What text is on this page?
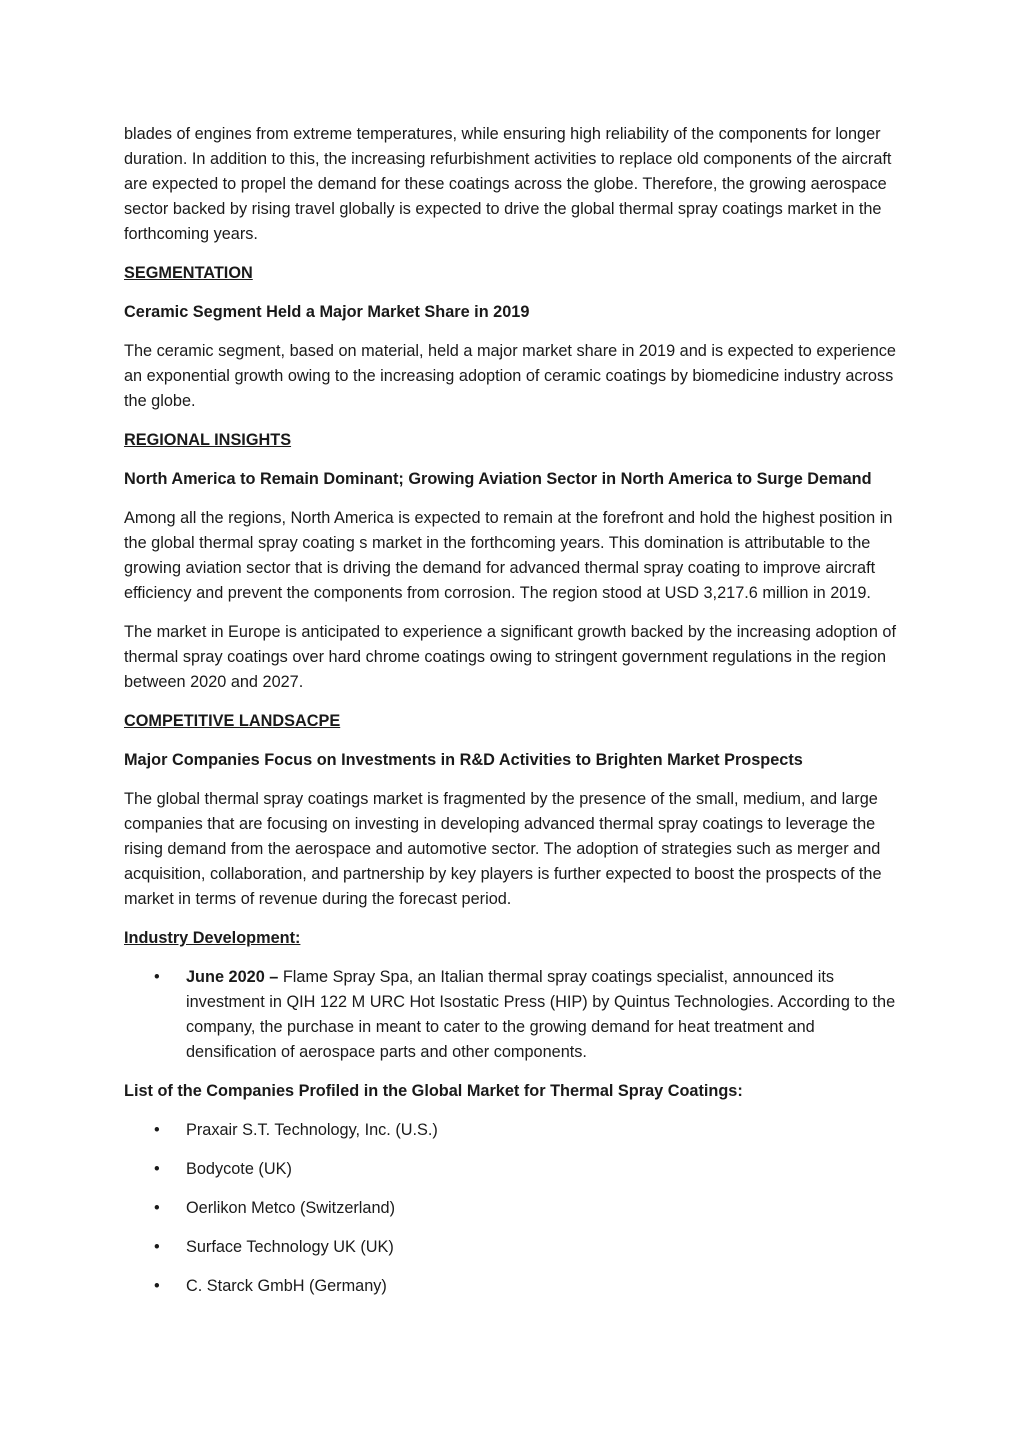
blades of engines from extreme temperatures, while ensuring high reliability of the components for longer duration. In addition to this, the increasing refurbishment activities to replace old components of the aircraft are expected to propel the demand for these coatings across the globe. Therefore, the growing aerospace sector backed by rising travel globally is expected to drive the global thermal spray coatings market in the forthcoming years.

SEGMENTATION
Ceramic Segment Held a Major Market Share in 2019

The ceramic segment, based on material, held a major market share in 2019 and is expected to experience an exponential growth owing to the increasing adoption of ceramic coatings by biomedicine industry across the globe.

REGIONAL INSIGHTS
North America to Remain Dominant; Growing Aviation Sector in North America to Surge Demand

Among all the regions, North America is expected to remain at the forefront and hold the highest position in the global thermal spray coating s market in the forthcoming years. This domination is attributable to the growing aviation sector that is driving the demand for advanced thermal spray coating to improve aircraft efficiency and prevent the components from corrosion. The region stood at USD 3,217.6 million in 2019.

The market in Europe is anticipated to experience a significant growth backed by the increasing adoption of thermal spray coatings over hard chrome coatings owing to stringent government regulations in the region between 2020 and 2027.

COMPETITIVE LANDSACPE
Major Companies Focus on Investments in R&D Activities to Brighten Market Prospects

The global thermal spray coatings market is fragmented by the presence of the small, medium, and large companies that are focusing on investing in developing advanced thermal spray coatings to leverage the rising demand from the aerospace and automotive sector. The adoption of strategies such as merger and acquisition, collaboration, and partnership by key players is further expected to boost the prospects of the market in terms of revenue during the forecast period.

Industry Development:
• June 2020 – Flame Spray Spa, an Italian thermal spray coatings specialist, announced its investment in QIH 122 M URC Hot Isostatic Press (HIP) by Quintus Technologies. According to the company, the purchase in meant to cater to the growing demand for heat treatment and densification of aerospace parts and other components.
List of the Companies Profiled in the Global Market for Thermal Spray Coatings:
• Praxair S.T. Technology, Inc. (U.S.)
• Bodycote (UK)
• Oerlikon Metco (Switzerland)
• Surface Technology UK (UK)
• C. Starck GmbH (Germany)
